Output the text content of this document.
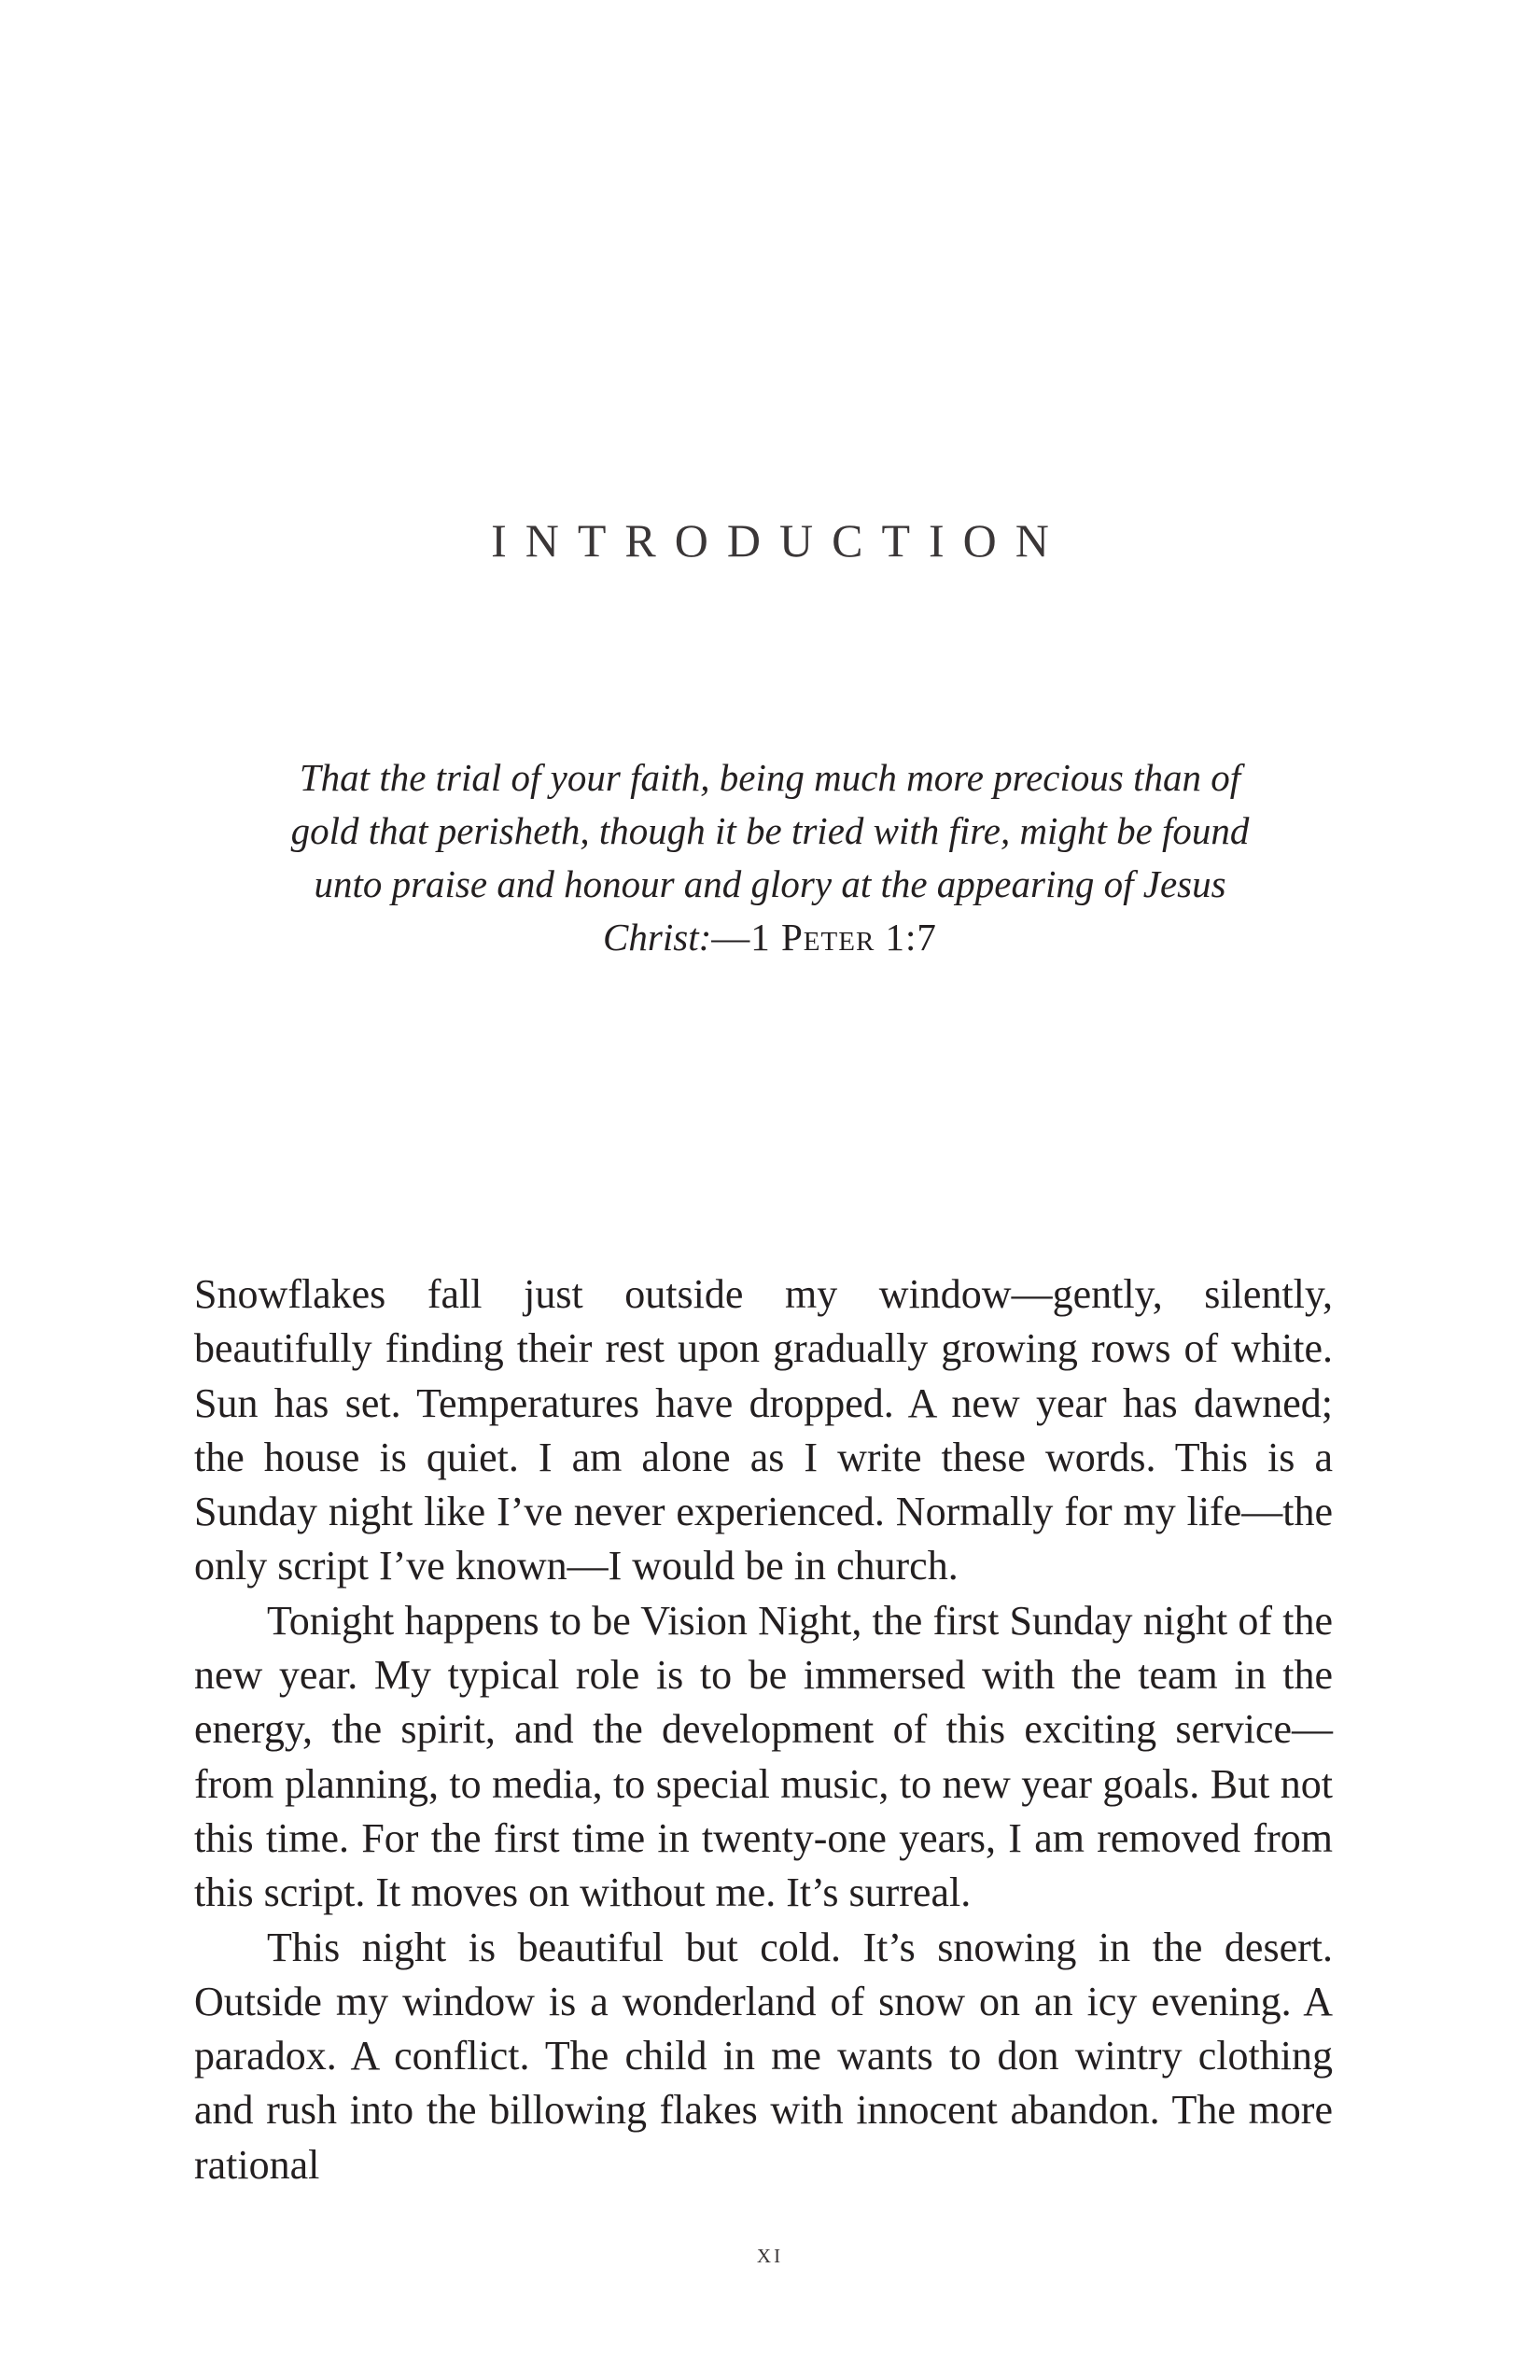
INTRODUCTION
That the trial of your faith, being much more precious than of
gold that perisheth, though it be tried with fire, might be found
unto praise and honour and glory at the appearing of Jesus
Christ:—1 Peter 1:7

Snowflakes fall just outside my window—gently, silently, beautifully finding their rest upon gradually growing rows of white. Sun has set. Temperatures have dropped. A new year has dawned; the house is quiet. I am alone as I write these words. This is a Sunday night like I’ve never experienced. Normally for my life—the only script I’ve known—I would be in church.

Tonight happens to be Vision Night, the first Sunday night of the new year. My typical role is to be immersed with the team in the energy, the spirit, and the development of this exciting service—from planning, to media, to special music, to new year goals. But not this time. For the first time in twenty-one years, I am removed from this script. It moves on without me. It’s surreal.

This night is beautiful but cold. It’s snowing in the desert. Outside my window is a wonderland of snow on an icy evening. A paradox. A conflict. The child in me wants to don wintry clothing and rush into the billowing flakes with innocent abandon. The more rational

xi
